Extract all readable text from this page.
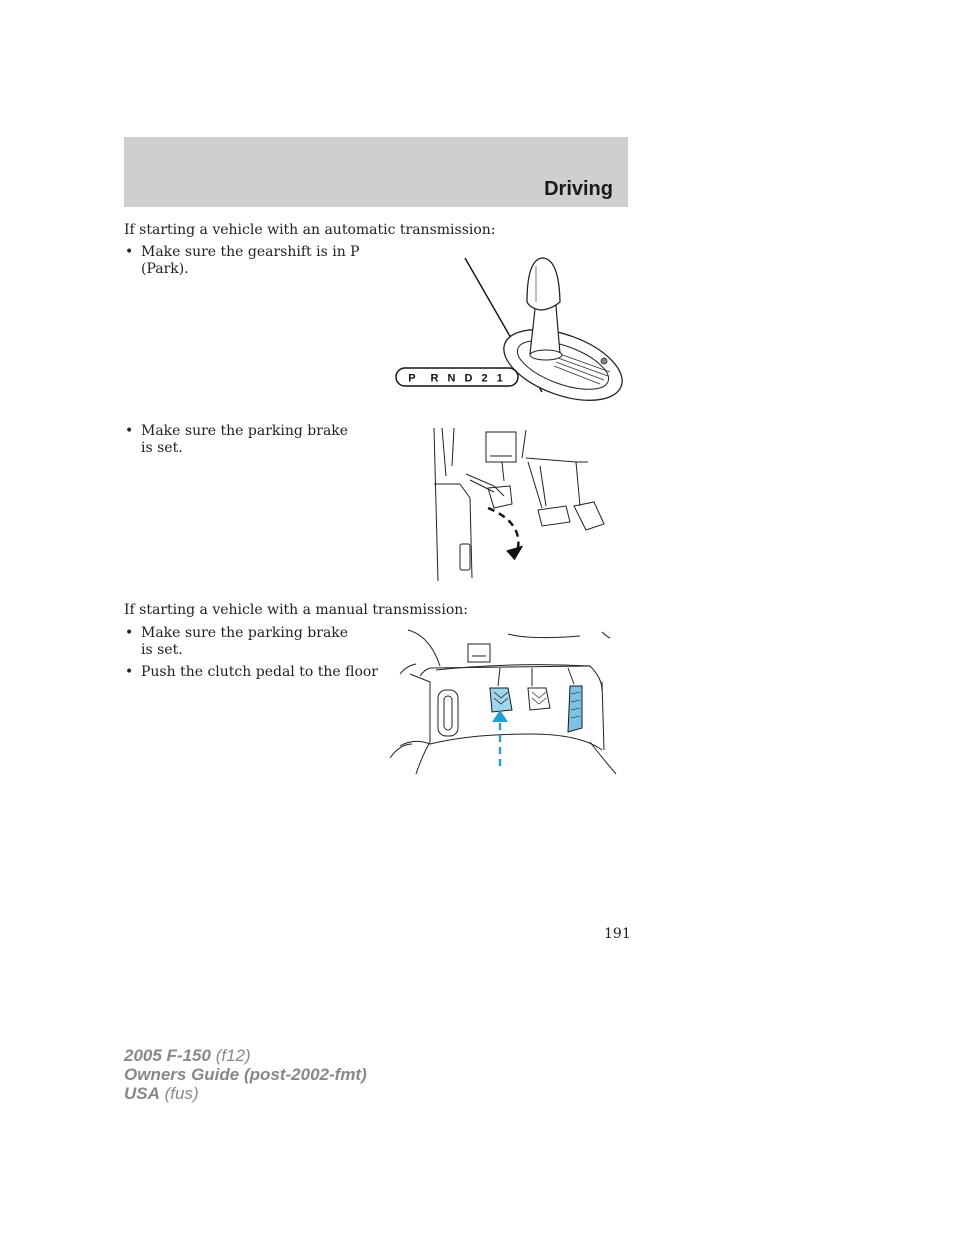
Driving
If starting a vehicle with an automatic transmission:
• Make sure the gearshift is in P (Park).
P  R N D 2 1
• Make sure the parking brake is set.
If starting a vehicle with a manual transmission:
• Make sure the parking brake is set.
• Push the clutch pedal to the floor
191
2005 F-150 (f12)
Owners Guide (post-2002-fmt)
USA (fus)
